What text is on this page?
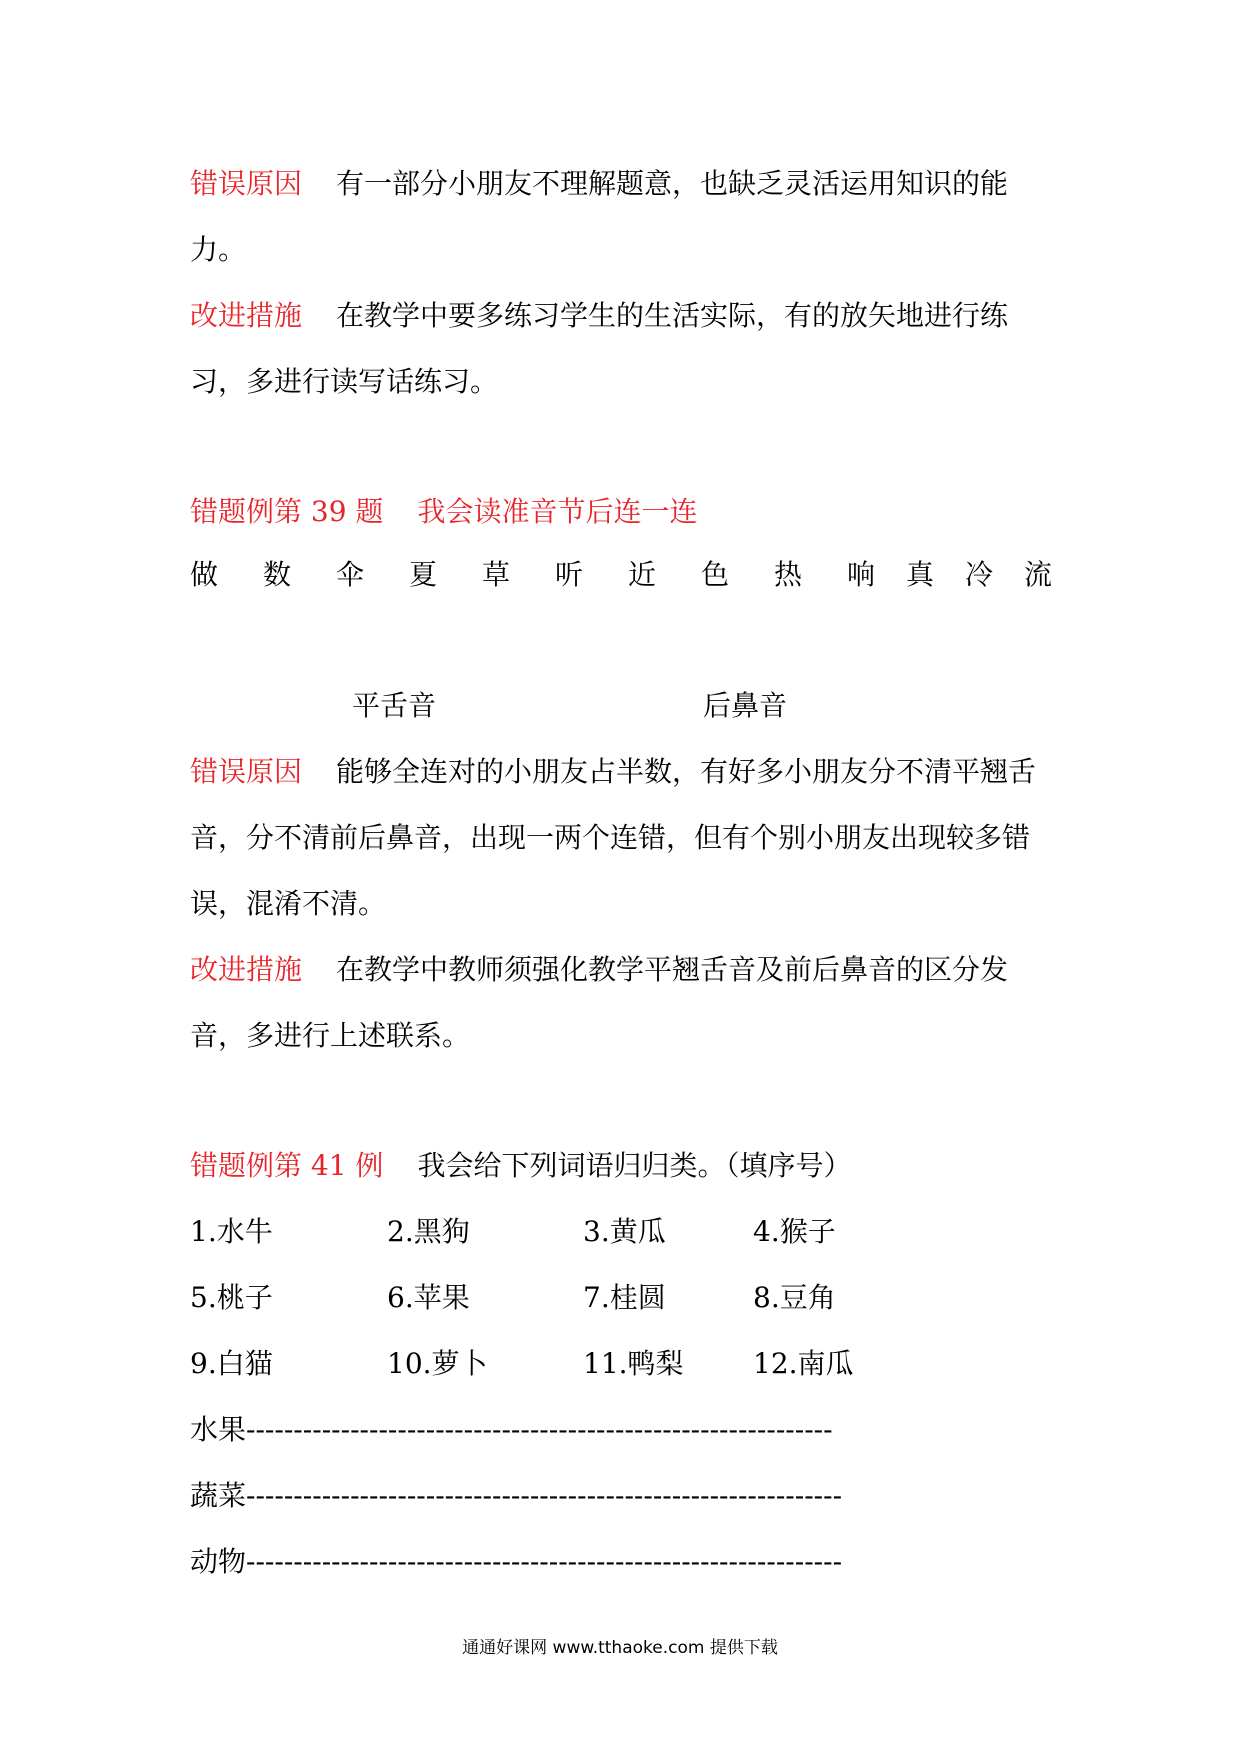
错误原因 有一部分小朋友不理解题意，也缺乏灵活运用知识的能
力。
改进措施 在教学中要多练习学生的生活实际，有的放矢地进行练
习，多进行读写话练习。
错题例第 39 题 我会读准音节后连一连
做 数 伞 夏 草 听 近 色 热 响 真 冷 流
平舌音	后鼻音
错误原因 能够全连对的小朋友占半数，有好多小朋友分不清平翘舌
音，分不清前后鼻音，出现一两个连错，但有个别小朋友出现较多错
误，混淆不清。
改进措施 在教学中教师须强化教学平翘舌音及前后鼻音的区分发
音，多进行上述联系。
错题例第 41 例 我会给下列词语归归类。（填序号）
1.水牛	2.黑狗	3.黄瓜	4.猴子
5.桃子	6.苹果	7.桂圆	8.豆角
9.白猫	10.萝卜	11.鸭梨 12.南瓜
水果--------------------------------------------------------------
蔬菜---------------------------------------------------------------
动物---------------------------------------------------------------
通通好课网 www.tthaoke.com 提供下载
